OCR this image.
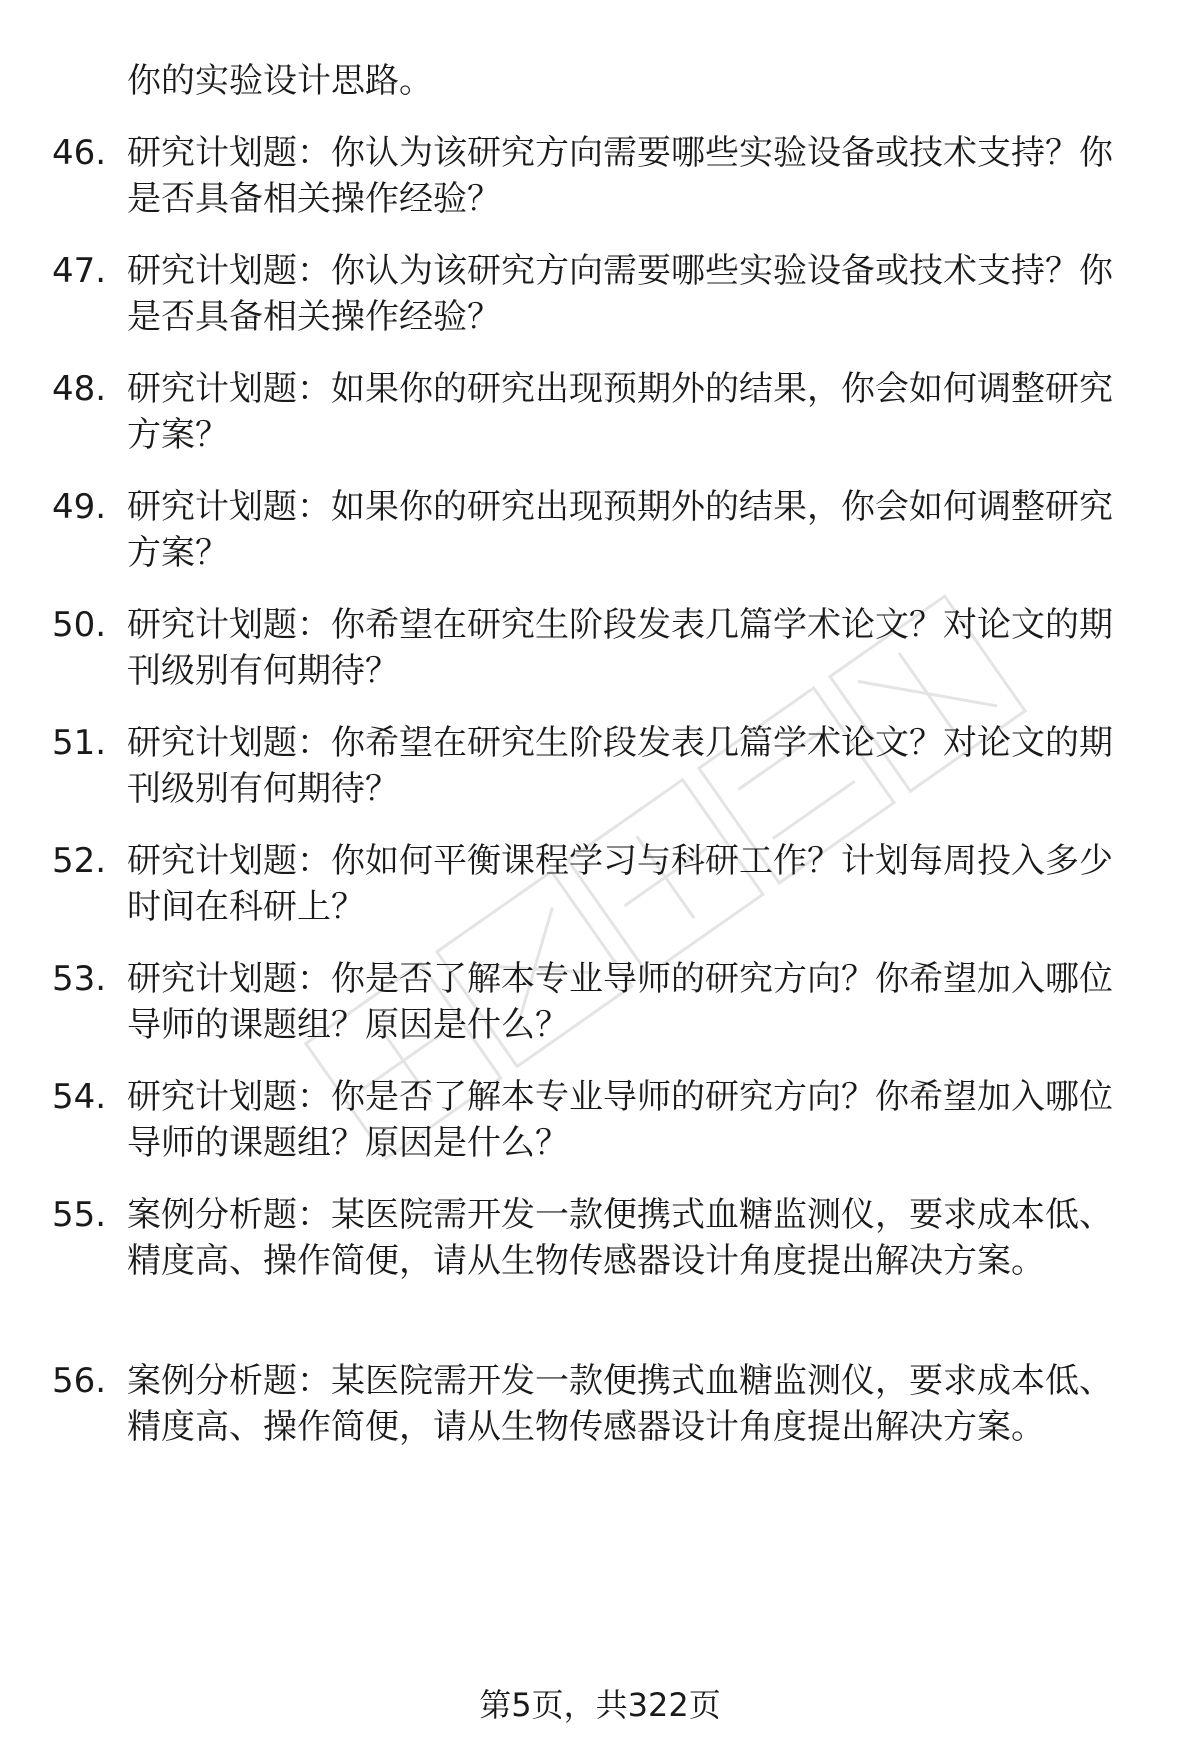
你的实验设计思路。
46. 研究计划题：你认为该研究方向需要哪些实验设备或技术支持？你是否具备相关操作经验？
47. 研究计划题：你认为该研究方向需要哪些实验设备或技术支持？你是否具备相关操作经验？
48. 研究计划题：如果你的研究出现预期外的结果，你会如何调整研究方案？
49. 研究计划题：如果你的研究出现预期外的结果，你会如何调整研究方案？
50. 研究计划题：你希望在研究生阶段发表几篇学术论文？对论文的期刊级别有何期待？
51. 研究计划题：你希望在研究生阶段发表几篇学术论文？对论文的期刊级别有何期待？
52. 研究计划题：你如何平衡课程学习与科研工作？计划每周投入多少时间在科研上？
53. 研究计划题：你是否了解本专业导师的研究方向？你希望加入哪位导师的课题组？原因是什么？
54. 研究计划题：你是否了解本专业导师的研究方向？你希望加入哪位导师的课题组？原因是什么？
55. 案例分析题：某医院需开发一款便携式血糖监测仪，要求成本低、精度高、操作简便，请从生物传感器设计角度提出解决方案。
56. 案例分析题：某医院需开发一款便携式血糖监测仪，要求成本低、精度高、操作简便，请从生物传感器设计角度提出解决方案。
第5页，共322页
